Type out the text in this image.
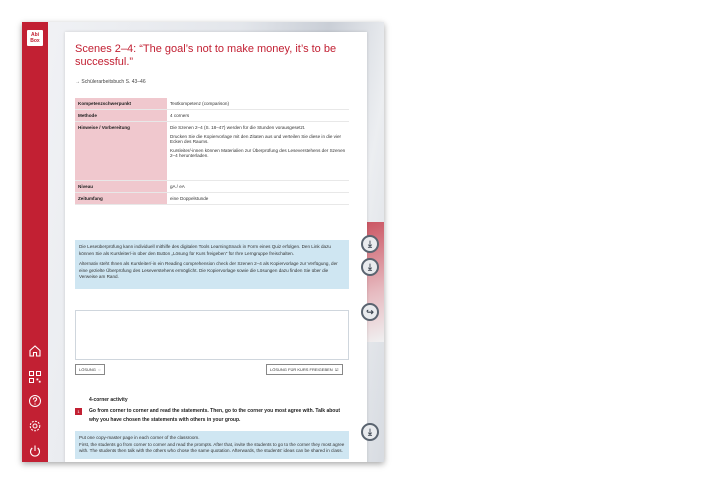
Abi
Box
Scenes 2–4: “The goal’s not to make money, it’s to be successful.”
→ Schülerarbeitsbuch S. 43–46
Kompetenzschwerpunkt	Textkompetenz (comparison)
Methode	4 corners
Hinweise / Vorbereitung	Die Szenen 2–4 (S. 18–47) werden für die Stunden vorausgesetzt.

Drucken Sie die Kopiervorlage mit den Zitaten aus und verteilen Sie diese in die vier Ecken des Raums.

Kursleiter/-innen können Materialien zur Überprüfung des Leseverstehens der Szenen 2–4 herunterladen.

Niveau	gA / eA
Zeitumfang	eine Doppelstunde

Die Leseüberprüfung kann individuell mithilfe des digitalen Tools LearningSnack in Form eines Quiz erfolgen. Den Link dazu können Sie als Kursleiter/-in über den Button „Lösung für Kurs freigeben“ für Ihre Lerngruppe freischalten.

Alternativ steht Ihnen als Kursleiter/-in ein Reading comprehension check der Szenen 2–4 als Kopiervorlage zur Verfügung, der eine gezielte Überprüfung des Leseverstehens ermöglicht. Die Kopiervorlage sowie die Lösungen dazu finden Sie über die Verweise am Rand.

LÖSUNG  ◌	LÖSUNG FÜR KURS FREIGEBEN  ☑
4-corner activity
1	Go from corner to corner and read the statements. Then, go to the corner you most agree with. Talk about why you have chosen the statements with others in your group.

Put one copy-master page in each corner of the classroom.

First, the students go from corner to corner and read the prompts. After that, invite the students to go to the corner they most agree with. The students then talk with the others who chose the same quotation. Afterwards, the students’ ideas can be shared in class.

⤓
⤓
↪
⤓
